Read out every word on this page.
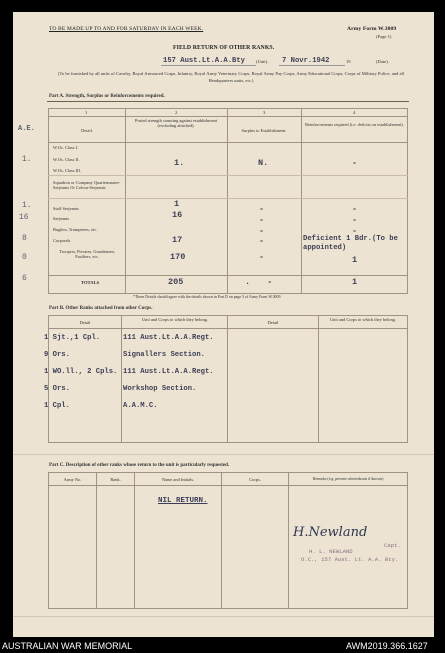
TO BE MADE UP TO AND FOR SATURDAY IN EACH WEEK.	Army Form W.3009
(Page 1)
FIELD RETURN OF OTHER RANKS.
157 Aust.Lt.A.A.Bty (Unit). 7 Novr.1942	19	(Date).
(To be furnished by all units of Cavalry, Royal Armoured Corps, Infantry, Royal Army Veterinary Corps, Royal Army Pay Corps, Army Educational Corps, Corps of Military Police, and all Headquarters units, etc.)
Part A. Strength, Surplus or Reinforcements required.
1	2	3	4
Detail.
Posted strength counting against establishment (excluding attached).
Surplus to Establishment.
Reinforcements required (i.e. deficits on establishment).
A.E.
W.Os. Class I.
1.	W.Os. Class II.	1.	N.	-
W.Os. Class III.
Squadron or Company Quartermaster-Serjeants Or Colour-Serjeants
1.	Staff Serjeants	1	-	-
16	Serjeants	16	-	-
Buglers, Trumpeters, etc.	-	-
8	Corporals	17	-	Deficient 1 Bdr.(To be appointed)
0
Troopers, Privates, Guardsmen, Fusiliers, etc.	170	-	1
6	TOTALS	205	. -	1
*These Details should agree with the details shown in Part D on page 3 of Army Form W.3009.
Part B. Other Ranks attached from other Corps.
Detail
Unit and Corps to which they belong.
Detail
Unit and Corps to which they belong.
1 Sjt.,1 Cpl.	111 Aust.Lt.A.A.Regt.
9 Ors.	Signallers Section.
1 WO.ll., 2 Cpls. 111 Aust.Lt.A.A.Regt.
5 Ors.	Workshop Section.
1 Cpl.	A.A.M.C.
Part C. Description of other ranks whose return to the unit is particularly requested.
Army No.	Rank.	Name and Initials.	Corps.	Remarks (e.g. present whereabouts if known)
NIL RETURN.
H.Newland
Capt.
H. L. NEWLAND
O.C., 157 Aust. Lt. A.A. Bty.
AUSTRALIAN WAR MEMORIAL	AWM2019.366.1627
